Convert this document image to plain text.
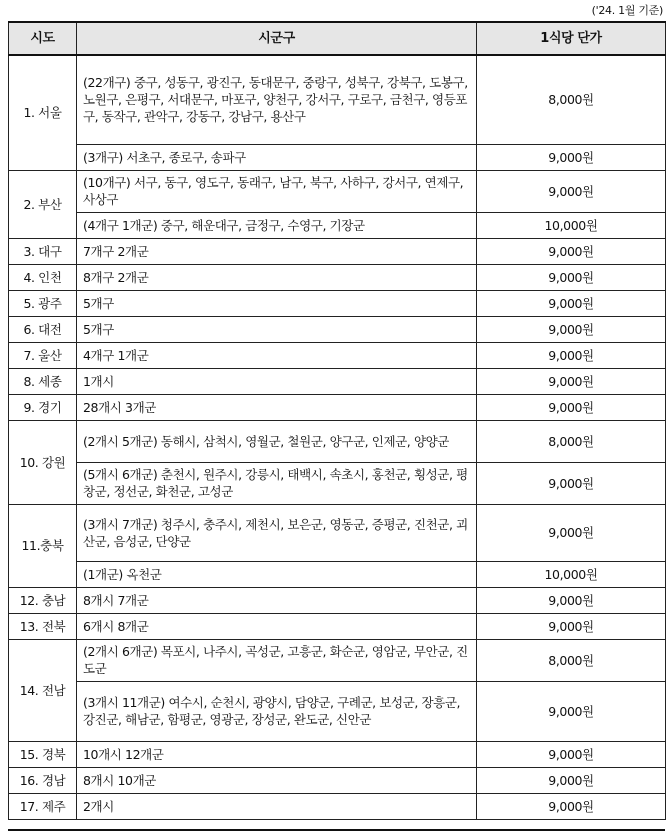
('24. 1월 기준)
시도	시군구	1식당 단가
1. 서울	(22개구) 중구, 성동구, 광진구, 동대문구, 중랑구, 성북구, 강북구, 도봉구, 노원구, 은평구, 서대문구, 마포구, 양천구, 강서구, 구로구, 금천구, 영등포구, 동작구, 관악구, 강동구, 강남구, 용산구	8,000원
	(3개구) 서초구, 종로구, 송파구	9,000원
2. 부산	(10개구) 서구, 동구, 영도구, 동래구, 남구, 북구, 사하구, 강서구, 연제구, 사상구	9,000원
	(4개구 1개군) 중구, 해운대구, 금정구, 수영구, 기장군	10,000원
3. 대구	7개구 2개군	9,000원
4. 인천	8개구 2개군	9,000원
5. 광주	5개구	9,000원
6. 대전	5개구	9,000원
7. 울산	4개구 1개군	9,000원
8. 세종	1개시	9,000원
9. 경기	28개시 3개군	9,000원
10. 강원	(2개시 5개군) 동해시, 삼척시, 영월군, 철원군, 양구군, 인제군, 양양군	8,000원
	(5개시 6개군) 춘천시, 원주시, 강릉시, 태백시, 속초시, 홍천군, 횡성군, 평창군, 정선군, 화천군, 고성군	9,000원
11.충북	(3개시 7개군) 청주시, 충주시, 제천시, 보은군, 영동군, 증평군, 진천군, 괴산군, 음성군, 단양군	9,000원
	(1개군) 옥천군	10,000원
12. 충남	8개시 7개군	9,000원
13. 전북	6개시 8개군	9,000원
14. 전남	(2개시 6개군) 목포시, 나주시, 곡성군, 고흥군, 화순군, 영암군, 무안군, 진도군	8,000원
	(3개시 11개군) 여수시, 순천시, 광양시, 담양군, 구례군, 보성군, 장흥군, 강진군, 해남군, 함평군, 영광군, 장성군, 완도군, 신안군	9,000원
15. 경북	10개시 12개군	9,000원
16. 경남	8개시 10개군	9,000원
17. 제주	2개시	9,000원
